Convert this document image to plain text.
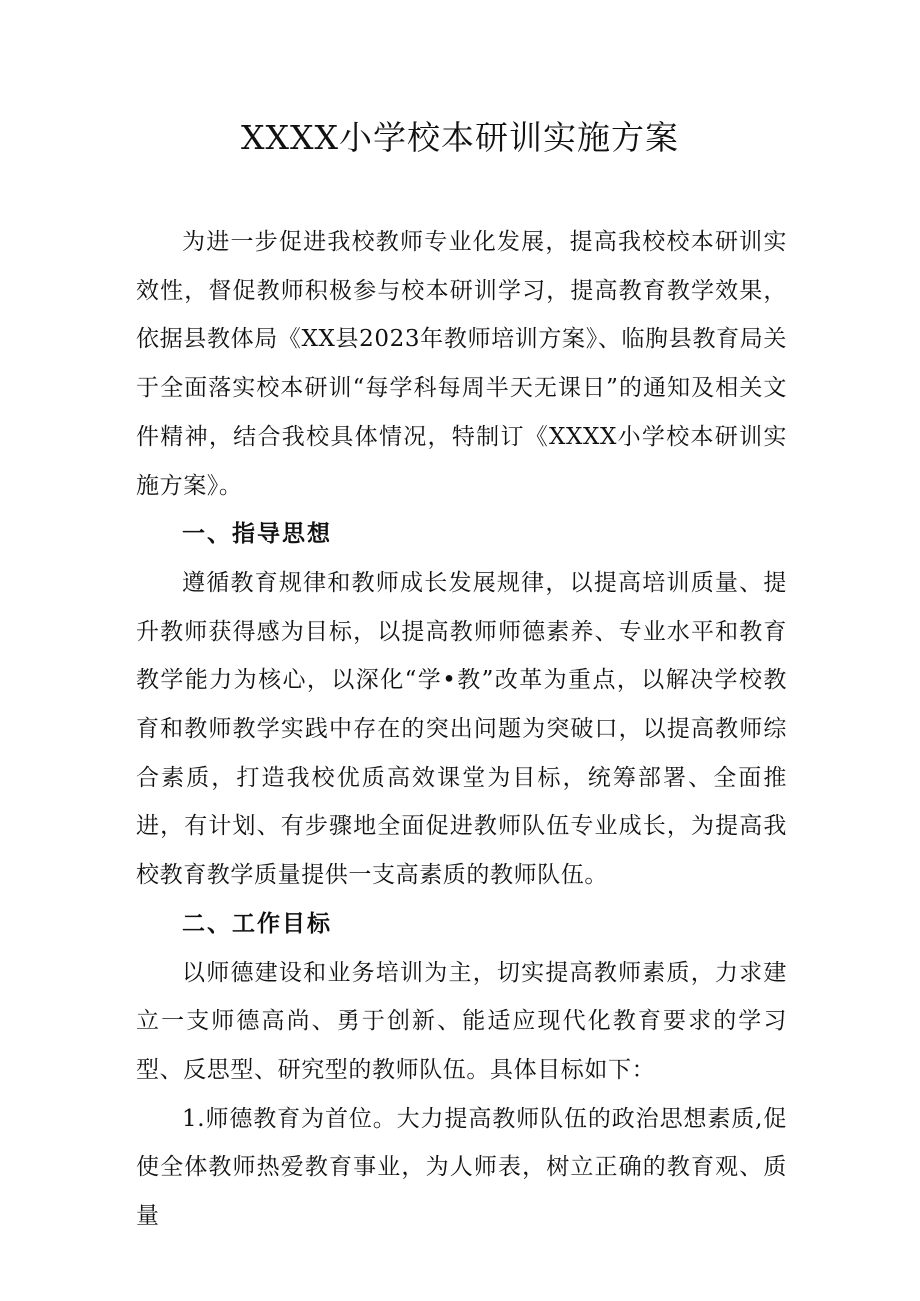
XXXX小学校本研训实施方案

为进一步促进我校教师专业化发展，提高我校校本研训实效性，督促教师积极参与校本研训学习，提高教育教学效果，依据县教体局《XX县2023年教师培训方案》、临朐县教育局关于全面落实校本研训“每学科每周半天无课日”的通知及相关文件精神，结合我校具体情况，特制订《XXXX小学校本研训实施方案》。

一、指导思想

遵循教育规律和教师成长发展规律，以提高培训质量、提升教师获得感为目标，以提高教师师德素养、专业水平和教育教学能力为核心，以深化“学•教”改革为重点，以解决学校教育和教师教学实践中存在的突出问题为突破口，以提高教师综合素质，打造我校优质高效课堂为目标，统筹部署、全面推进，有计划、有步骤地全面促进教师队伍专业成长，为提高我校教育教学质量提供一支高素质的教师队伍。

二、工作目标

以师德建设和业务培训为主，切实提高教师素质，力求建立一支师德高尚、勇于创新、能适应现代化教育要求的学习型、反思型、研究型的教师队伍。具体目标如下：

1.师德教育为首位。大力提高教师队伍的政治思想素质,促使全体教师热爱教育事业，为人师表，树立正确的教育观、质量
